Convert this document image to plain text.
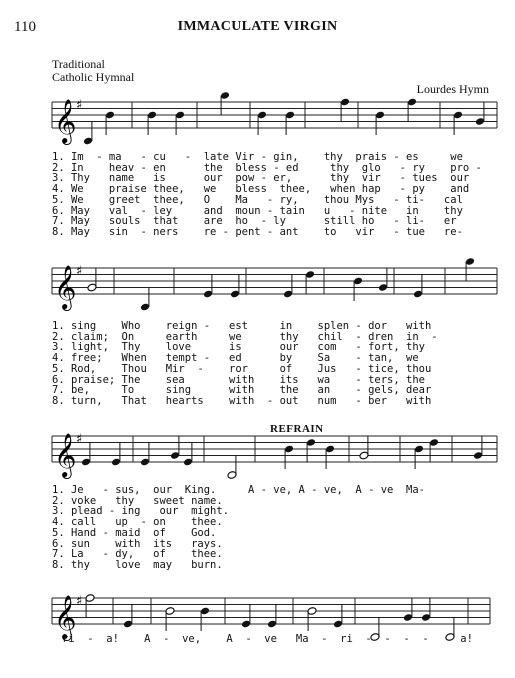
110	IMMACULATE VIRGIN
Traditional
Catholic Hymnal
Lourdes Hymn
REFRAIN
𝄞 ♯
𝄞 ♯
𝄞 ♯
𝄞 ♯
1. Im  - ma   - cu   -  late Vir - gin,    thy  prais - es     we
2. In    heav - en      the  bless - ed     thy  glo   - ry    pro -
3. Thy   name   is      our  pow - er,      thy  vir   - tues  our
4. We    praise thee,   we   bless  thee,   when hap   - py    and
5. We    greet  thee,   O    Ma   - ry,    thou Mys   - ti-   cal
6. May   val  - ley     and  moun - tain   u   - nite   in    thy
7. May   souls  that    are  ho  - ly      still ho   - li-   er
8. May   sin  - ners    re - pent - ant    to   vir   - tue   re-
1. sing    Who    reign -   est     in    splen - dor   with
2. claim;  On     earth     we      thy   chil  - dren  in  -
3. light,  Thy    love      is      our   com   - fort, thy
4. free;   When   tempt -   ed      by    Sa    - tan,  we
5. Rod,    Thou   Mir  -    ror     of    Jus   - tice, thou
6. praise; The    sea       with    its   wa    - ters, the
7. be,     To     sing      with    the   an    - gels, dear
8. turn,   That   hearts    with  - out   num   - ber   with
1. Je   - sus,  our  King.     A - ve, A - ve,  A - ve  Ma-
2. voke   thy   sweet name.
3. plead - ing   our  might.
4. call   up  - on    thee.
5. Hand - maid  of    God.
6. sun    with  its   rays.
7. La   - dy,   of    thee.
8. thy    love  may   burn.
ri  -  a!    A  -  ve,    A  -  ve   Ma  -  ri  -  -  -  -     a!
